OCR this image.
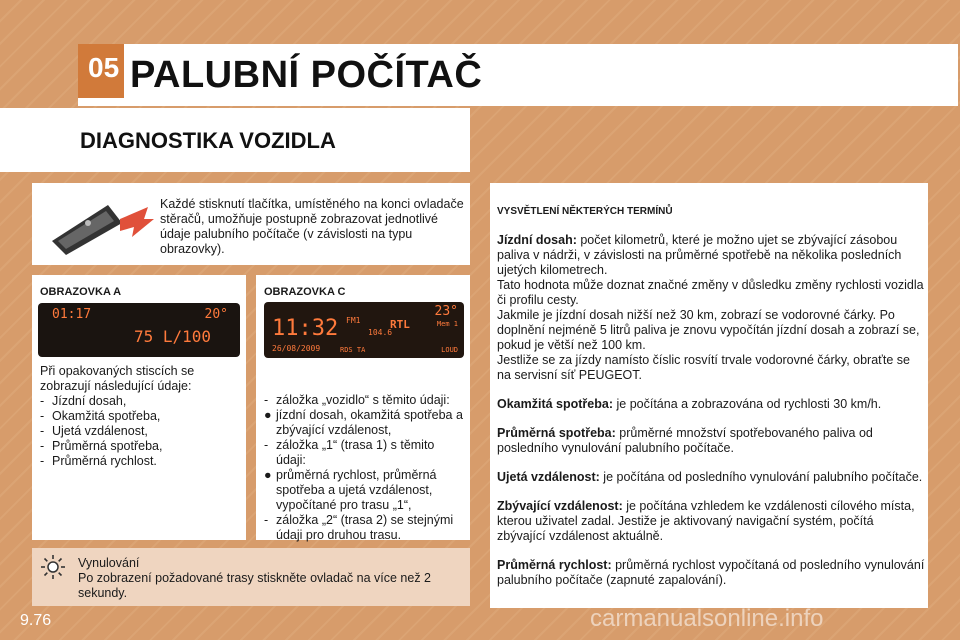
05 PALUBNÍ POČÍTAČ
DIAGNOSTIKA VOZIDLA
Každé stisknutí tlačítka, umístěného na konci ovladače stěračů, umožňuje postupně zobrazovat jednotlivé údaje palubního počítače (v závislosti na typu obrazovky).
OBRAZOVKA A
01:17	20°
75 L/100
Při opakovaných stiscích se zobrazují následující údaje:
- Jízdní dosah,
- Okamžitá spotřeba,
- Ujetá vzdálenost,
- Průměrná spotřeba,
- Průměrná rychlost.
OBRAZOVKA C
11:32
26/08/2009
FM1	RTL
104.6
23°
Mem 1
RDS TA	LOUD
- záložka „vozidlo“ s těmito údaji:
● jízdní dosah, okamžitá spotřeba a zbývající vzdálenost,
- záložka „1“ (trasa 1) s těmito údaji:
● průměrná rychlost, průměrná spotřeba a ujetá vzdálenost, vypočítané pro trasu „1“,
- záložka „2“ (trasa 2) se stejnými údaji pro druhou trasu.
Vynulování
Po zobrazení požadované trasy stiskněte ovladač na více než 2 sekundy.

VYSVĚTLENÍ NĚKTERÝCH TERMÍNŮ

Jízdní dosah: počet kilometrů, které je možno ujet se zbývající zásobou paliva v nádrži, v závislosti na průměrné spotřebě na několika posledních ujetých kilometrech.
Tato hodnota může doznat značné změny v důsledku změny rychlosti vozidla či profilu cesty.
Jakmile je jízdní dosah nižší než 30 km, zobrazí se vodorovné čárky. Po doplnění nejméně 5 litrů paliva je znovu vypočítán jízdní dosah a zobrazí se, pokud je větší než 100 km.
Jestliže se za jízdy namísto číslic rosvítí trvale vodorovné čárky, obraťte se na servisní síť PEUGEOT.

Okamžitá spotřeba: je počítána a zobrazována od rychlosti 30 km/h.

Průměrná spotřeba: průměrné množství spotřebovaného paliva od posledního vynulování palubního počítače.

Ujetá vzdálenost: je počítána od posledního vynulování palubního počítače.

Zbývající vzdálenost: je počítána vzhledem ke vzdálenosti cílového místa, kterou uživatel zadal. Jestiže je aktivovaný navigační systém, počítá zbývající vzdálenost aktuálně.

Průměrná rychlost: průměrná rychlost vypočítaná od posledního vynulování palubního počítače (zapnuté zapalování).

9.76	carmanualsonline.info
